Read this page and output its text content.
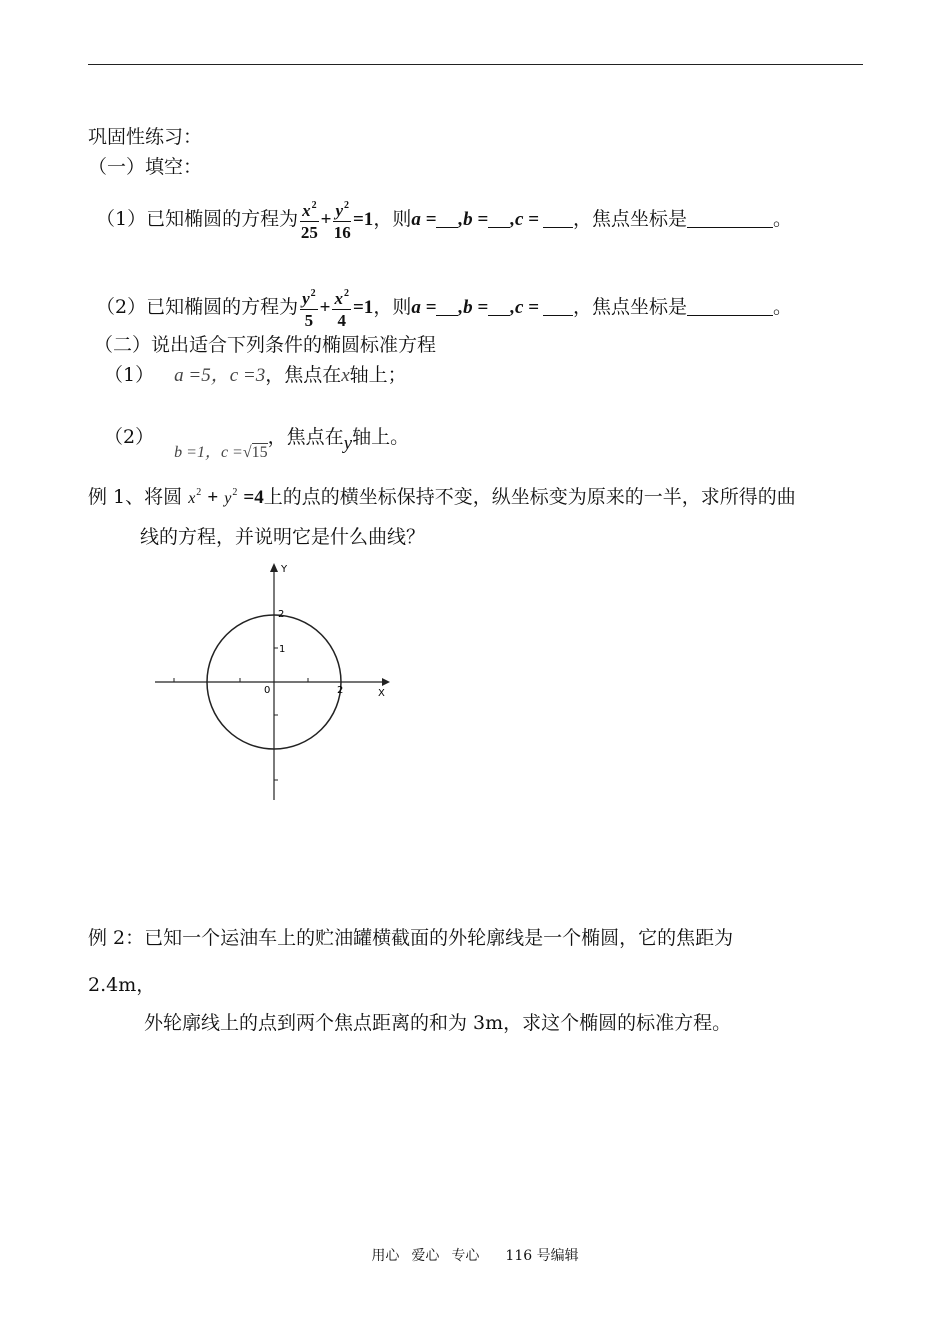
巩固性练习：
（一）填空：
（1）已知椭圆的方程为 $\frac{x^2}{25} + \frac{y^2}{16} =1$，则a = ,b = ,c = ，焦点坐标是	。
（2）已知椭圆的方程为 $\frac{y^2}{5} + \frac{x^2}{4} =1$，则a = ,b = ,c = ，焦点坐标是	。
（二）说出适合下列条件的椭圆标准方程
（1） a =5，c =3，焦点在x轴上；
（2） $_{b =1,c =√15}$，焦点在y轴上。
例 1、将圆 $x^2 + y^2 =4$上的点的横坐标保持不变，纵坐标变为原来的一半，求所得的曲
线的方程，并说明它是什么曲线？
X
Y
0	2
2
1
例 2：已知一个运油车上的贮油罐横截面的外轮廓线是一个椭圆，它的焦距为
2.4m，
外轮廓线上的点到两个焦点距离的和为 3m，求这个椭圆的标准方程。
用心 爱心 专心 116 号编辑
